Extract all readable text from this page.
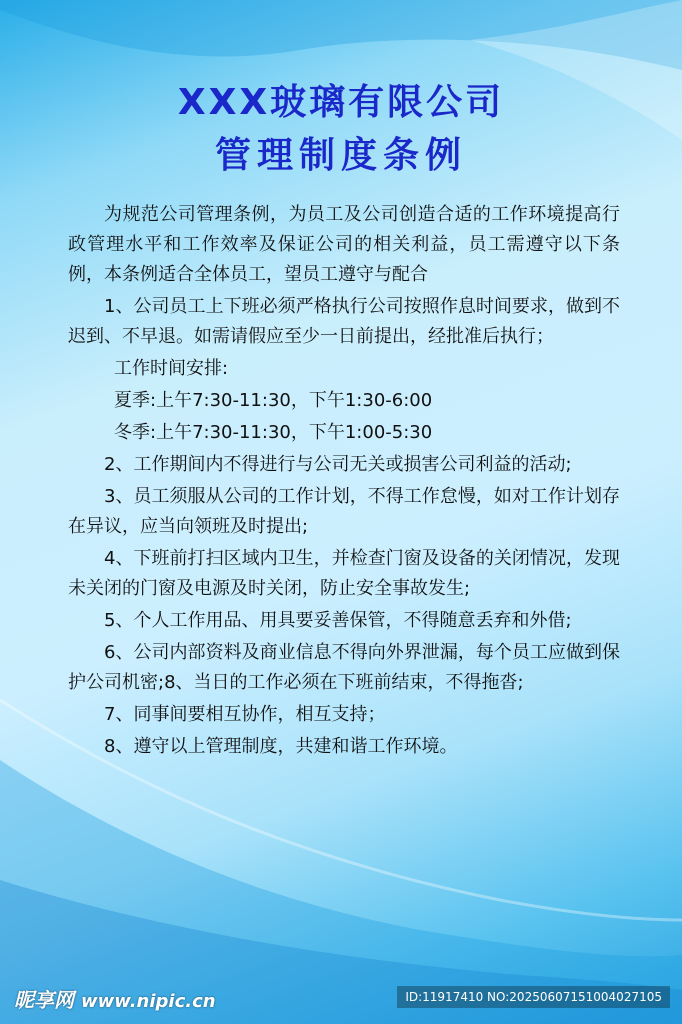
XXX玻璃有限公司
管理制度条例

为规范公司管理条例，为员工及公司创造合适的工作环境提高行政管理水平和工作效率及保证公司的相关利益，员工需遵守以下条例，本条例适合全体员工，望员工遵守与配合

1、公司员工上下班必须严格执行公司按照作息时间要求，做到不迟到、不早退。如需请假应至少一日前提出，经批准后执行；

工作时间安排:

夏季:上午7:30-11:30，下午1:30-6:00

冬季:上午7:30-11:30，下午1:00-5:30

2、工作期间内不得进行与公司无关或损害公司利益的活动;

3、员工须服从公司的工作计划，不得工作怠慢，如对工作计划存在异议，应当向领班及时提出;

4、下班前打扫区域内卫生，并检查门窗及设备的关闭情况，发现未关闭的门窗及电源及时关闭，防止安全事故发生;

5、个人工作用品、用具要妥善保管，不得随意丢弃和外借;

6、公司内部资料及商业信息不得向外界泄漏，每个员工应做到保护公司机密;8、当日的工作必须在下班前结束，不得拖沓;

7、同事间要相互协作，相互支持；

8、遵守以上管理制度，共建和谐工作环境。

昵享网 www.nipic.cn	ID:11917410 NO:20250607151004027105
